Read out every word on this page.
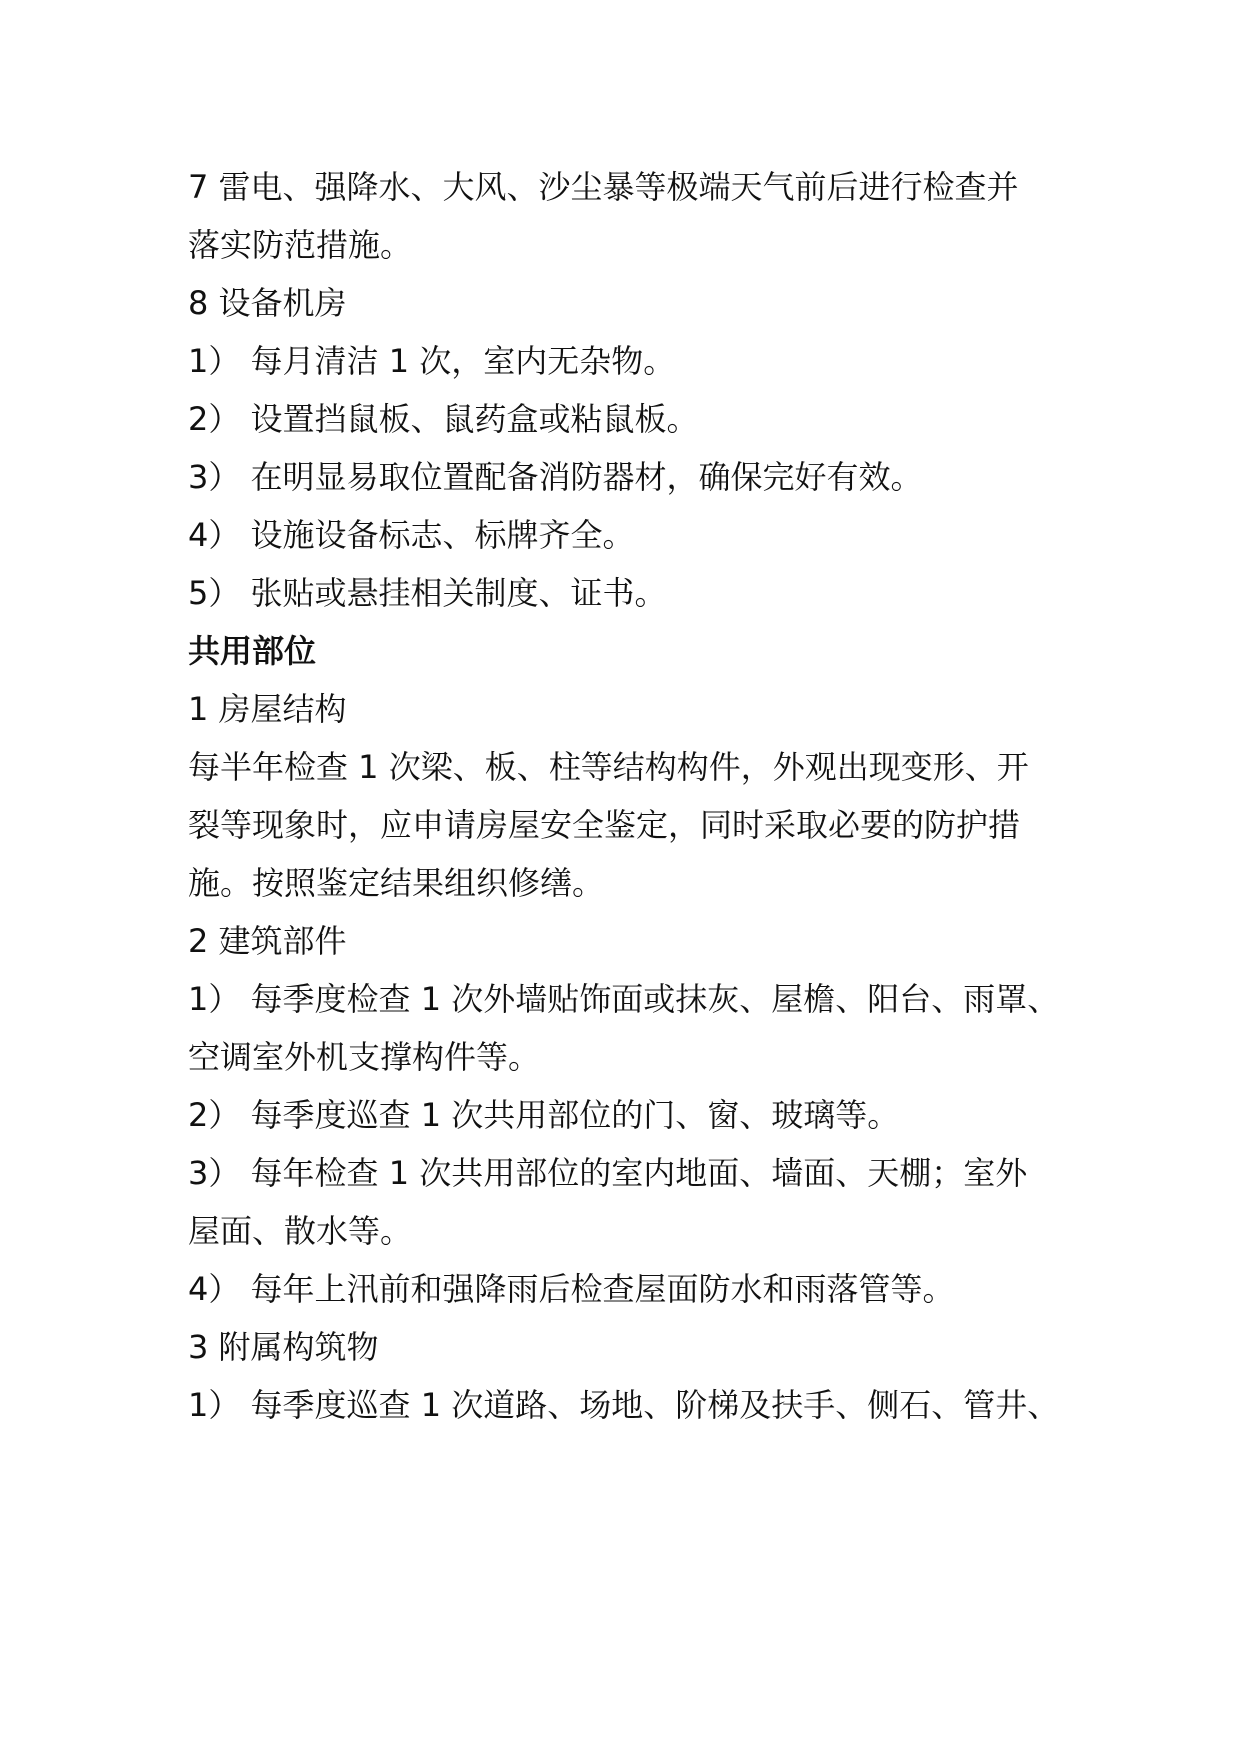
7 雷电、强降水、大风、沙尘暴等极端天气前后进行检查并
落实防范措施。
8 设备机房
1） 每月清洁 1 次，室内无杂物。
2） 设置挡鼠板、鼠药盒或粘鼠板。
3） 在明显易取位置配备消防器材，确保完好有效。
4） 设施设备标志、标牌齐全。
5） 张贴或悬挂相关制度、证书。
共用部位
1 房屋结构
每半年检查 1 次梁、板、柱等结构构件，外观出现变形、开
裂等现象时，应申请房屋安全鉴定，同时采取必要的防护措
施。按照鉴定结果组织修缮。
2 建筑部件
1） 每季度检查 1 次外墙贴饰面或抹灰、屋檐、阳台、雨罩、
空调室外机支撑构件等。
2） 每季度巡查 1 次共用部位的门、窗、玻璃等。
3） 每年检查 1 次共用部位的室内地面、墙面、天棚；室外
屋面、散水等。
4） 每年上汛前和强降雨后检查屋面防水和雨落管等。
3 附属构筑物
1） 每季度巡查 1 次道路、场地、阶梯及扶手、侧石、管井、
